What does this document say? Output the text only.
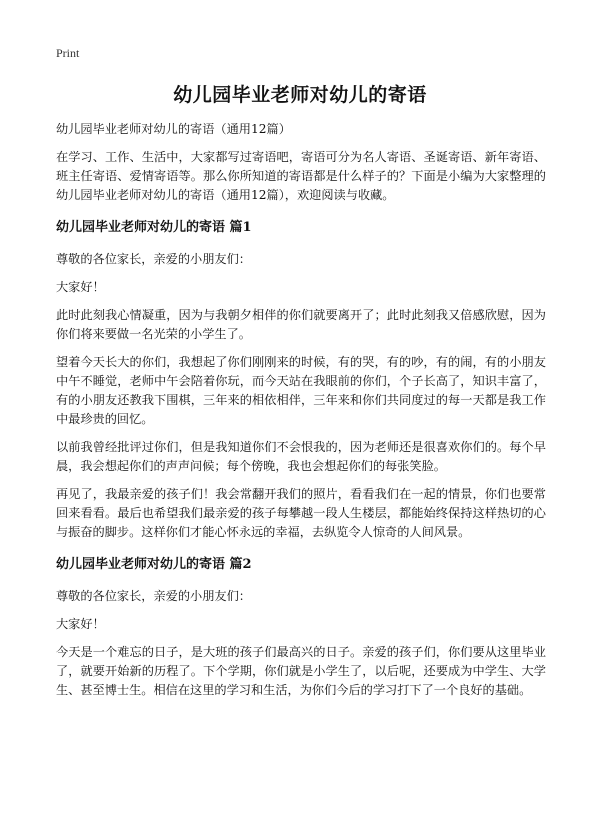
Print
幼儿园毕业老师对幼儿的寄语

幼儿园毕业老师对幼儿的寄语（通用12篇）

在学习、工作、生活中，大家都写过寄语吧，寄语可分为名人寄语、圣诞寄语、新年寄语、班主任寄语、爱情寄语等。那么你所知道的寄语都是什么样子的？下面是小编为大家整理的幼儿园毕业老师对幼儿的寄语（通用12篇），欢迎阅读与收藏。

幼儿园毕业老师对幼儿的寄语 篇1

尊敬的各位家长，亲爱的小朋友们：

大家好！

此时此刻我心情凝重，因为与我朝夕相伴的你们就要离开了；此时此刻我又倍感欣慰，因为你们将来要做一名光荣的小学生了。

望着今天长大的你们，我想起了你们刚刚来的时候，有的哭，有的吵，有的闹，有的小朋友中午不睡觉，老师中午会陪着你玩，而今天站在我眼前的你们，个子长高了，知识丰富了，有的小朋友还教我下围棋，三年来的相依相伴，三年来和你们共同度过的每一天都是我工作中最珍贵的回忆。

以前我曾经批评过你们，但是我知道你们不会恨我的，因为老师还是很喜欢你们的。每个早晨，我会想起你们的声声问候；每个傍晚，我也会想起你们的每张笑脸。

再见了，我最亲爱的孩子们！我会常翻开我们的照片，看看我们在一起的情景，你们也要常回来看看。最后也希望我们最亲爱的孩子每攀越一段人生楼层，都能始终保持这样热切的心与振奋的脚步。这样你们才能心怀永远的幸福，去纵览令人惊奇的人间风景。

幼儿园毕业老师对幼儿的寄语 篇2

尊敬的各位家长，亲爱的小朋友们：

大家好！

今天是一个难忘的日子，是大班的孩子们最高兴的日子。亲爱的孩子们，你们要从这里毕业了，就要开始新的历程了。下个学期，你们就是小学生了，以后呢，还要成为中学生、大学生、甚至博士生。相信在这里的学习和生活，为你们今后的学习打下了一个良好的基础。
